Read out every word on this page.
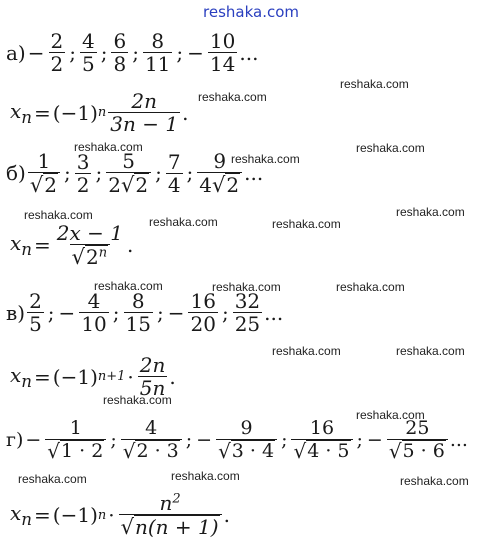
reshaka.com
$а) - \frac{2}{2}$ ; $\frac{4}{5}$ ; $\frac{6}{8}$ ; $\frac{8}{11}$ ; − $\frac{10}{14}$ ...
$x_n = (-1)$ n $\frac{2n}{3n - 1}$ .
$б) \frac{1}{√ 2}$ ; $\frac{3}{2}$ ; $\frac{5}{2 √ 2}$ ; $\frac{7}{4}$ ; $\frac{9}{4 √ 2}$ ...
$x_n = \frac{2x - 1}{√ 2^n}$ .
$в) \frac{2}{5}$ ; − $\frac{4}{10}$ ; $\frac{8}{15}$ ; − $\frac{16}{20}$ ; $\frac{32}{25}$ ...
$x_n = (-1) n+1 \cdot \frac{2n}{5n}$ .
$г) - \frac{1}{√ 1 \cdot 2}$ ; $\frac{4}{√ 2 \cdot 3}$ ; − $\frac{9}{√ 3 \cdot 4}$ ; $\frac{16}{√ 4 \cdot 5}$ ; − $\frac{25}{√ 5 \cdot 6}$ ...
$x_n = (-1) n \cdot \frac{n^2}{√ n(n + 1)}$ .
reshaka.com
reshaka.com
reshaka.com	reshaka.com
reshaka.com
reshaka.com	reshaka.com
reshaka.com	reshaka.com
reshaka.com	reshaka.com	reshaka.com
reshaka.com	reshaka.com
reshaka.com
reshaka.com
reshaka.com	reshaka.com	reshaka.com
